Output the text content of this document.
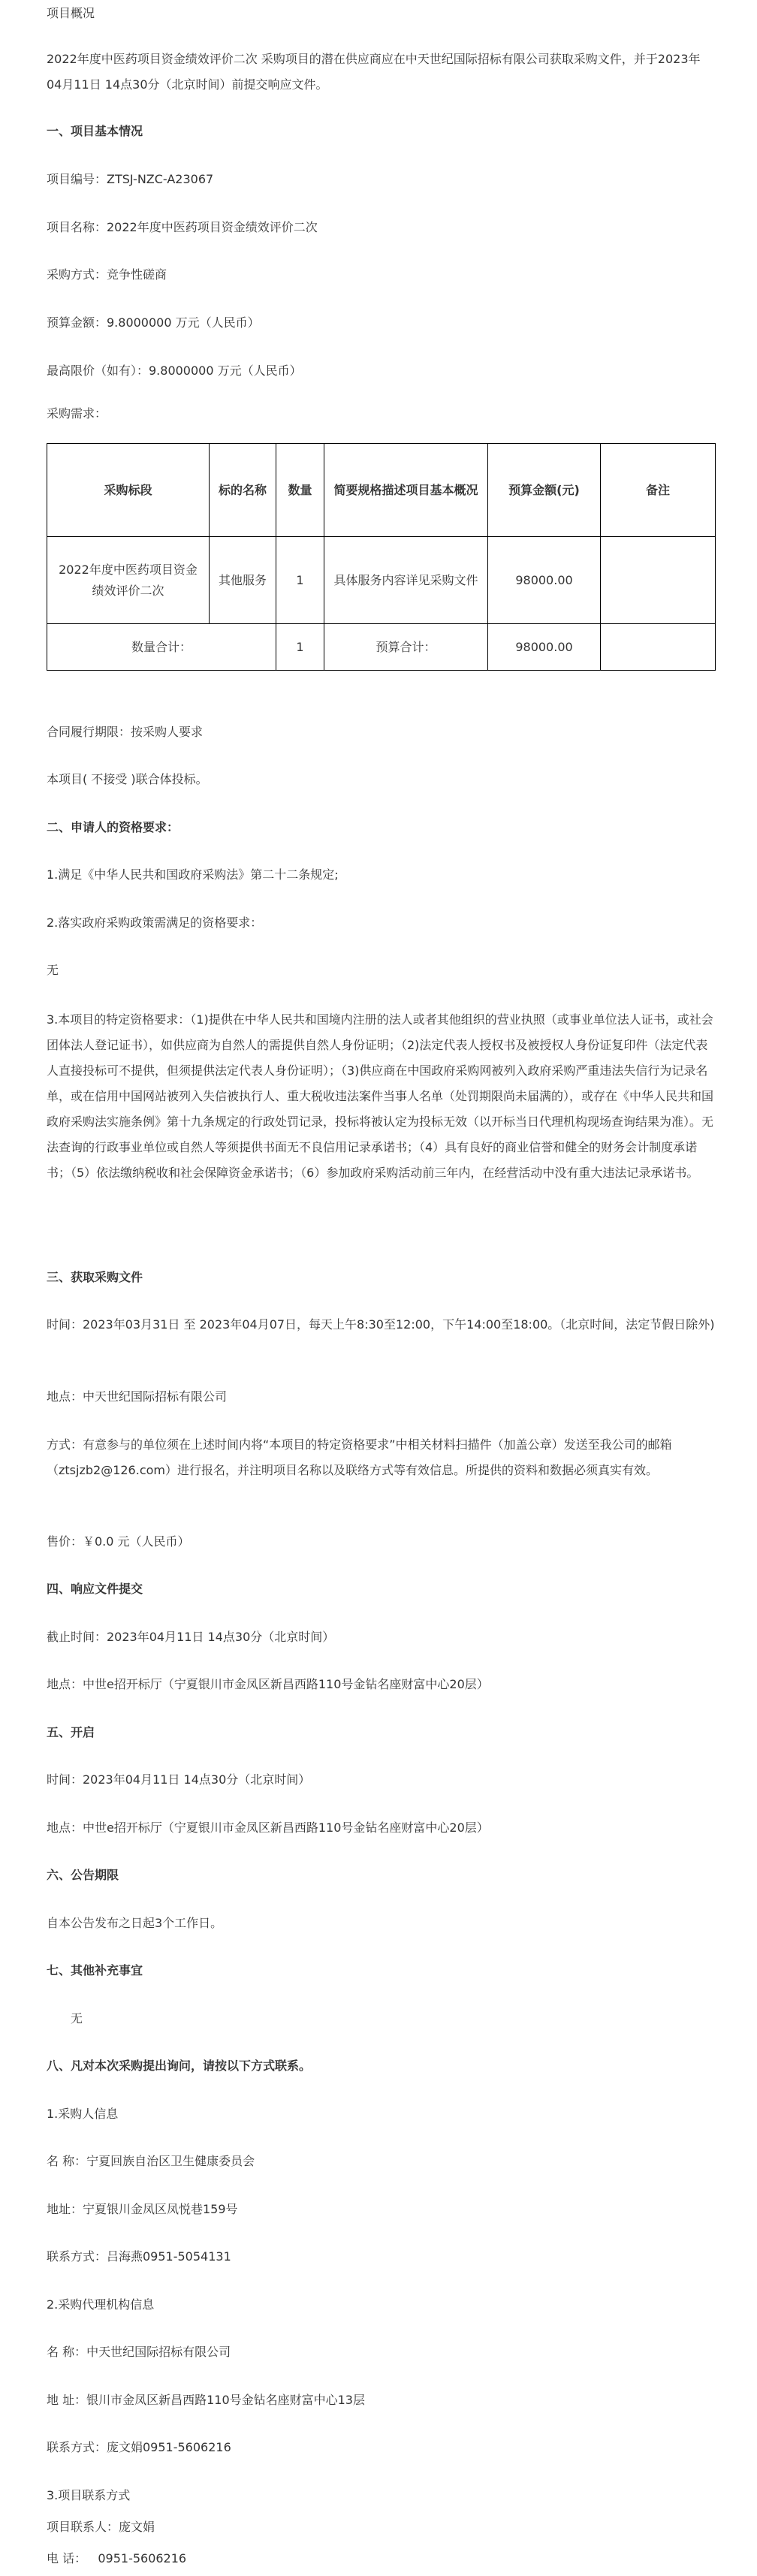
项目概况

2022年度中医药项目资金绩效评价二次 采购项目的潜在供应商应在中天世纪国际招标有限公司获取采购文件，并于2023年04月11日 14点30分（北京时间）前提交响应文件。

一、项目基本情况

项目编号：ZTSJ-NZC-A23067

项目名称：2022年度中医药项目资金绩效评价二次

采购方式：竞争性磋商

预算金额：9.8000000 万元（人民币）

最高限价（如有）：9.8000000 万元（人民币）

采购需求：

采购标段	标的名称	数量	简要规格描述项目基本概况	预算金额(元)	备注
2022年度中医药项目资金绩效评价二次	其他服务	1	具体服务内容详见采购文件	98000.00	
数量合计：		1	预算合计：	98000.00	

合同履行期限：按采购人要求

本项目( 不接受 )联合体投标。

二、申请人的资格要求：

1.满足《中华人民共和国政府采购法》第二十二条规定;

2.落实政府采购政策需满足的资格要求：

无

3.本项目的特定资格要求：（1)提供在中华人民共和国境内注册的法人或者其他组织的营业执照（或事业单位法人证书，或社会团体法人登记证书），如供应商为自然人的需提供自然人身份证明；（2)法定代表人授权书及被授权人身份证复印件（法定代表人直接投标可不提供，但须提供法定代表人身份证明）；（3)供应商在中国政府采购网被列入政府采购严重违法失信行为记录名单，或在信用中国网站被列入失信被执行人、重大税收违法案件当事人名单（处罚期限尚未届满的），或存在《中华人民共和国政府采购法实施条例》第十九条规定的行政处罚记录，投标将被认定为投标无效（以开标当日代理机构现场查询结果为准）。无法查询的行政事业单位或自然人等须提供书面无不良信用记录承诺书；（4）具有良好的商业信誉和健全的财务会计制度承诺书；（5）依法缴纳税收和社会保障资金承诺书；（6）参加政府采购活动前三年内，在经营活动中没有重大违法记录承诺书。

三、获取采购文件

时间：2023年03月31日 至 2023年04月07日，每天上午8:30至12:00，下午14:00至18:00。（北京时间，法定节假日除外)

地点：中天世纪国际招标有限公司

方式：有意参与的单位须在上述时间内将“本项目的特定资格要求”中相关材料扫描件（加盖公章）发送至我公司的邮箱（ztsjzb2@126.com）进行报名，并注明项目名称以及联络方式等有效信息。所提供的资料和数据必须真实有效。

售价：￥0.0 元（人民币）

四、响应文件提交

截止时间：2023年04月11日 14点30分（北京时间）

地点：中世e招开标厅（宁夏银川市金凤区新昌西路110号金钻名座财富中心20层）

五、开启

时间：2023年04月11日 14点30分（北京时间）

地点：中世e招开标厅（宁夏银川市金凤区新昌西路110号金钻名座财富中心20层）

六、公告期限

自本公告发布之日起3个工作日。

七、其他补充事宜

无

八、凡对本次采购提出询问，请按以下方式联系。

1.采购人信息

名 称：宁夏回族自治区卫生健康委员会

地址：宁夏银川金凤区凤悦巷159号

联系方式：吕海燕0951-5054131

2.采购代理机构信息

名 称：中天世纪国际招标有限公司

地 址：银川市金凤区新昌西路110号金钻名座财富中心13层

联系方式：庞文娟0951-5606216

3.项目联系方式

项目联系人：庞文娟

电 话：   0951-5606216
